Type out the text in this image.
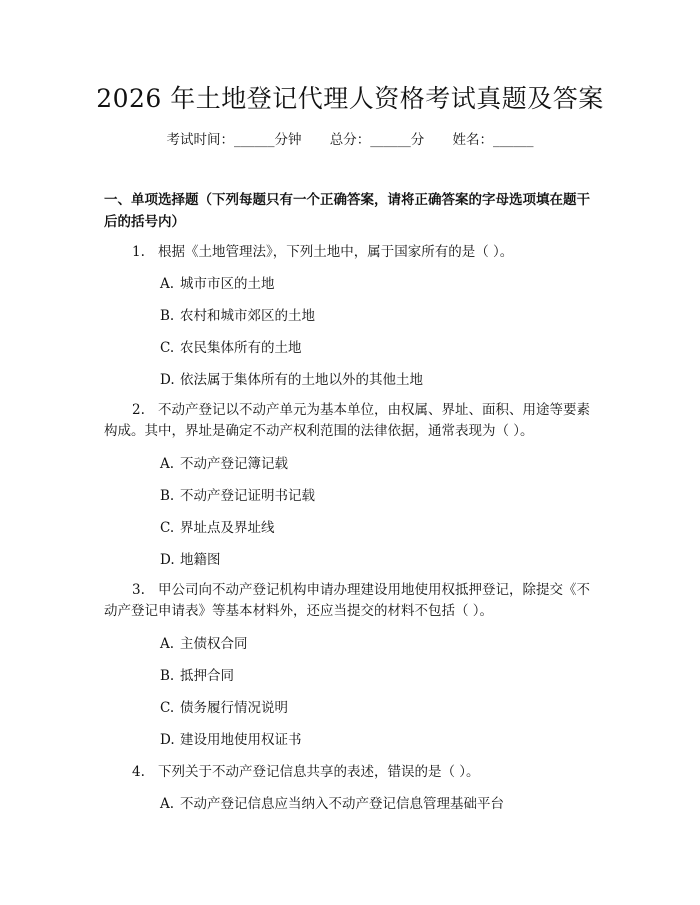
2026 年土地登记代理人资格考试真题及答案
考试时间：______分钟 总分：______分 姓名：______
一、单项选择题（下列每题只有一个正确答案，请将正确答案的字母选项填在题干后的括号内）
1. 根据《土地管理法》，下列土地中，属于国家所有的是（ ）。
A. 城市市区的土地
B. 农村和城市郊区的土地
C. 农民集体所有的土地
D. 依法属于集体所有的土地以外的其他土地
2. 不动产登记以不动产单元为基本单位，由权属、界址、面积、用途等要素构成。其中，界址是确定不动产权利范围的法律依据，通常表现为（ ）。
A. 不动产登记簿记载
B. 不动产登记证明书记载
C. 界址点及界址线
D. 地籍图
3. 甲公司向不动产登记机构申请办理建设用地使用权抵押登记，除提交《不动产登记申请表》等基本材料外，还应当提交的材料不包括（ ）。
A. 主债权合同
B. 抵押合同
C. 债务履行情况说明
D. 建设用地使用权证书
4. 下列关于不动产登记信息共享的表述，错误的是（ ）。
A. 不动产登记信息应当纳入不动产登记信息管理基础平台
